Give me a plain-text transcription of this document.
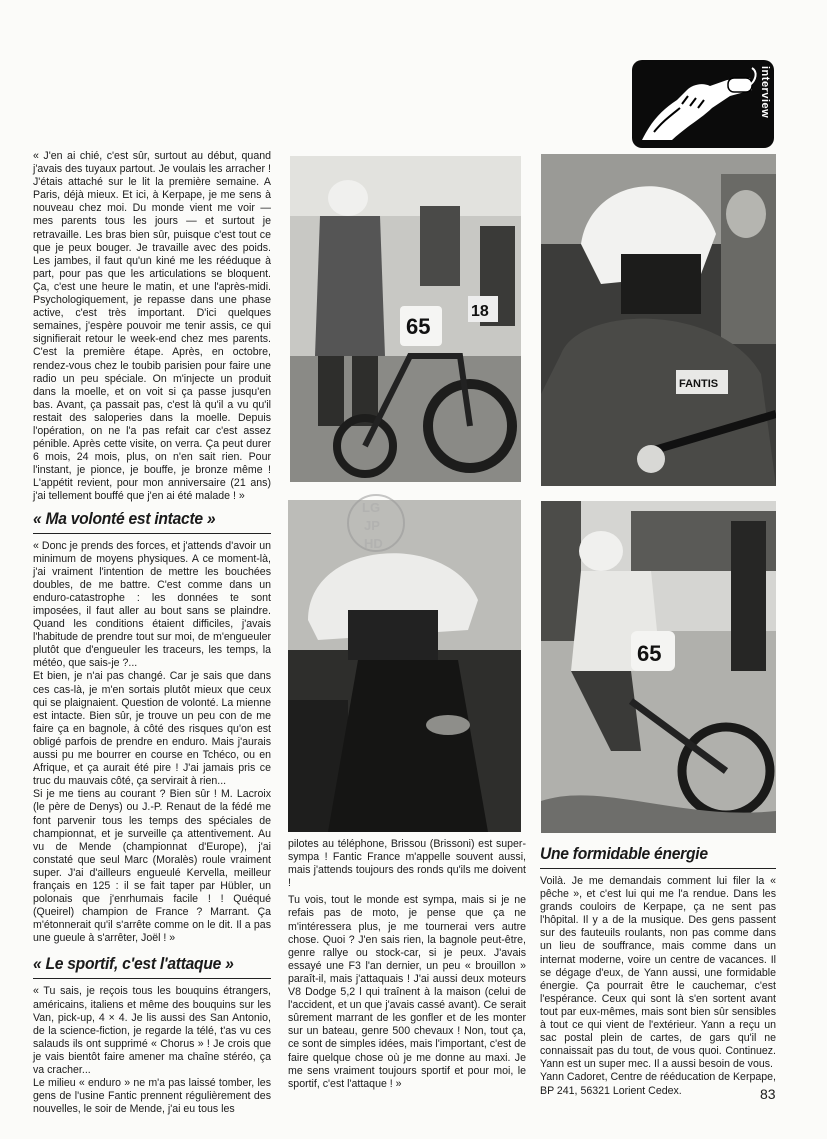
interview

« J'en ai chié, c'est sûr, surtout au début, quand j'avais des tuyaux partout. Je voulais les arracher ! J'étais attaché sur le lit la première semaine. A Paris, déjà mieux. Et ici, à Kerpape, je me sens à nouveau chez moi. Du monde vient me voir — mes parents tous les jours — et surtout je retravaille. Les bras bien sûr, puisque c'est tout ce que je peux bouger. Je travaille avec des poids. Les jambes, il faut qu'un kiné me les rééduque à part, pour pas que les articulations se bloquent. Ça, c'est une heure le matin, et une l'après-midi. Psychologiquement, je repasse dans une phase active, c'est très important. D'ici quelques semaines, j'espère pouvoir me tenir assis, ce qui signifierait retour le week-end chez mes parents. C'est la première étape. Après, en octobre, rendez-vous chez le toubib parisien pour faire une radio un peu spéciale. On m'injecte un produit dans la moelle, et on voit si ça passe jusqu'en bas. Avant, ça passait pas, c'est là qu'il a vu qu'il restait des saloperies dans la moelle. Depuis l'opération, on ne l'a pas refait car c'est assez pénible. Après cette visite, on verra. Ça peut durer 6 mois, 24 mois, plus, on n'en sait rien. Pour l'instant, je pionce, je bouffe, je bronze même ! L'appétit revient, pour mon anniversaire (21 ans) j'ai tellement bouffé que j'en ai été malade ! »

« Ma volonté est intacte »

« Donc je prends des forces, et j'attends d'avoir un minimum de moyens physiques. A ce moment-là, j'ai vraiment l'intention de mettre les bouchées doubles, de me battre. C'est comme dans un enduro-catastrophe : les données te sont imposées, il faut aller au bout sans se plaindre. Quand les conditions étaient difficiles, j'avais l'habitude de prendre tout sur moi, de m'engueuler plutôt que d'engueuler les traceurs, les temps, la météo, que sais-je ?...

Et bien, je n'ai pas changé. Car je sais que dans ces cas-là, je m'en sortais plutôt mieux que ceux qui se plaignaient. Question de volonté. La mienne est intacte. Bien sûr, je trouve un peu con de me faire ça en bagnole, à côté des risques qu'on est obligé parfois de prendre en enduro. Mais j'aurais aussi pu me bourrer en course en Tchéco, ou en Afrique, et ça aurait été pire ! J'ai jamais pris ce truc du mauvais côté, ça servirait à rien...

Si je me tiens au courant ? Bien sûr ! M. Lacroix (le père de Denys) ou J.-P. Renaut de la fédé me font parvenir tous les temps des spéciales de championnat, et je surveille ça attentivement. Au vu de Mende (championnat d'Europe), j'ai constaté que seul Marc (Moralès) roule vraiment super. J'ai d'ailleurs engueulé Kervella, meilleur français en 125 : il se fait taper par Hübler, un polonais que j'enrhumais facile ! ! Quéqué (Queirel) champion de France ? Marrant. Ça m'étonnerait qu'il s'arrête comme on le dit. Il a pas une gueule à s'arrêter, Joël ! »

« Le sportif, c'est l'attaque »

« Tu sais, je reçois tous les bouquins étrangers, américains, italiens et même des bouquins sur les Van, pick-up, 4 × 4. Je lis aussi des San Antonio, de la science-fiction, je regarde la télé, t'as vu ces salauds ils ont supprimé « Chorus » ! Je crois que je vais bientôt faire amener ma chaîne stéréo, ça va cracher...

Le milieu « enduro » ne m'a pas laissé tomber, les gens de l'usine Fantic prennent régulièrement des nouvelles, le soir de Mende, j'ai eu tous les

pilotes au téléphone, Brissou (Brissoni) est super-sympa ! Fantic France m'appelle souvent aussi, mais j'attends toujours des ronds qu'ils me doivent !

Tu vois, tout le monde est sympa, mais si je ne refais pas de moto, je pense que ça ne m'intéressera plus, je me tournerai vers autre chose. Quoi ? J'en sais rien, la bagnole peut-être, genre rallye ou stock-car, si je peux. J'avais essayé une F3 l'an dernier, un peu « brouillon » paraît-il, mais j'attaquais ! J'ai aussi deux moteurs V8 Dodge 5,2 l qui traînent à la maison (celui de l'accident, et un que j'avais cassé avant). Ce serait sûrement marrant de les gonfler et de les monter sur un bateau, genre 500 chevaux ! Non, tout ça, ce sont de simples idées, mais l'important, c'est de faire quelque chose où je me donne au maxi. Je me sens vraiment toujours sportif et pour moi, le sportif, c'est l'attaque ! »

Une formidable énergie

Voilà. Je me demandais comment lui filer la « pêche », et c'est lui qui me l'a rendue. Dans les grands couloirs de Kerpape, ça ne sent pas l'hôpital. Il y a de la musique. Des gens passent sur des fauteuils roulants, non pas comme dans un lieu de souffrance, mais comme dans un internat moderne, voire un centre de vacances. Il se dégage d'eux, de Yann aussi, une formidable énergie. Ça pourrait être le cauchemar, c'est l'espérance. Ceux qui sont là s'en sortent avant tout par eux-mêmes, mais sont bien sûr sensibles à tout ce qui vient de l'extérieur. Yann a reçu un sac postal plein de cartes, de gars qu'il ne connaissait pas du tout, de vous quoi. Continuez. Yann est un super mec. Il a aussi besoin de vous.

Yann Cadoret, Centre de rééducation de Kerpape, BP 241, 56321 Lorient Cedex.

65
18
FANTIS
65
LG
JP
HD
83
